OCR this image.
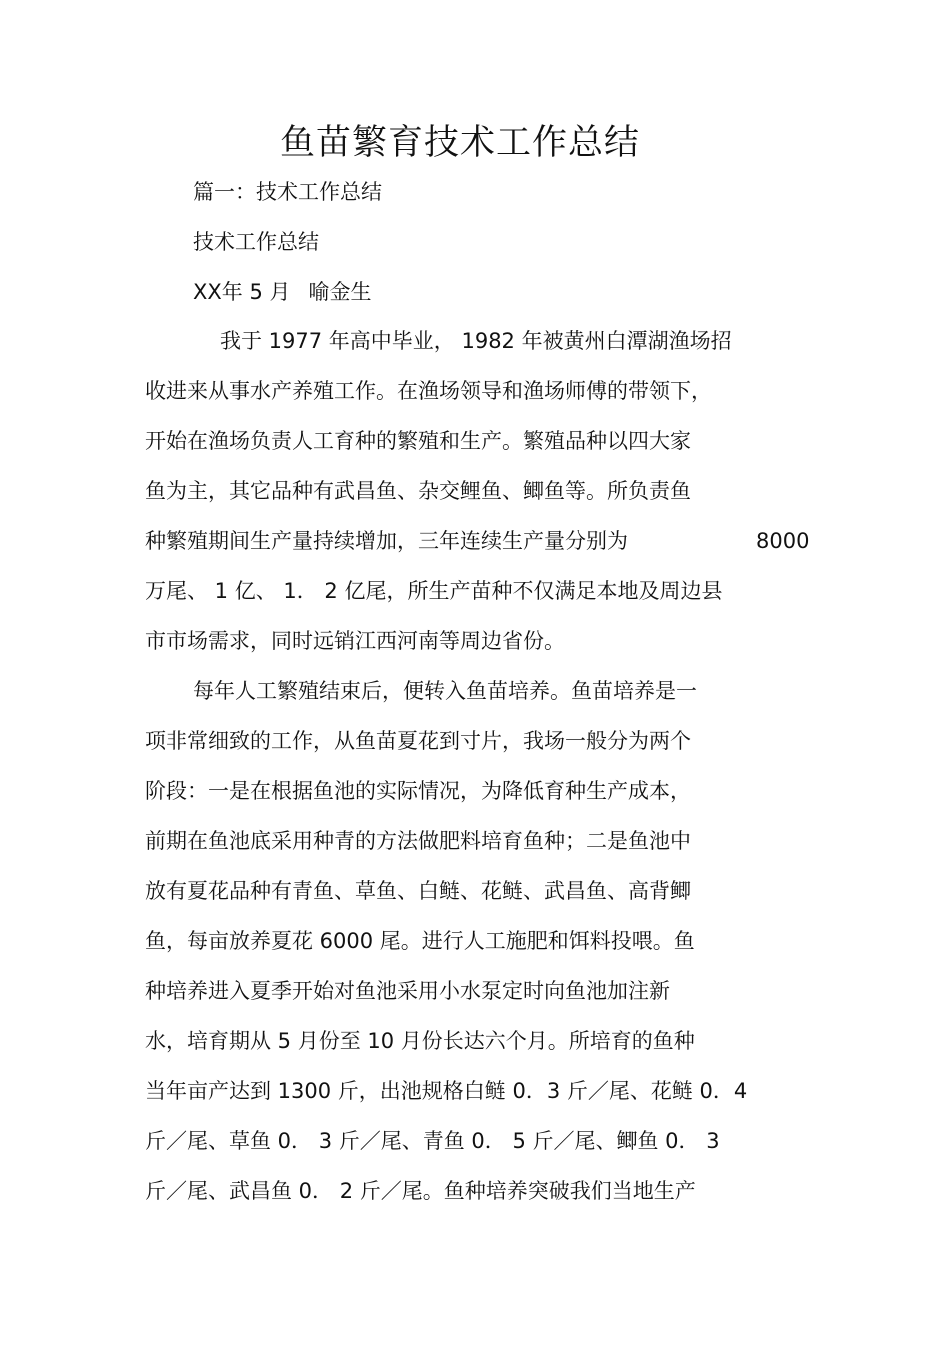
鱼苗繁育技术工作总结
篇一：技术工作总结
技术工作总结
XX年 5 月 喻金生
我于 1977 年高中毕业， 1982 年被黄州白潭湖渔场招
收进来从事水产养殖工作。在渔场领导和渔场师傅的带领下，
开始在渔场负责人工育种的繁殖和生产。繁殖品种以四大家
鱼为主，其它品种有武昌鱼、杂交鲤鱼、鲫鱼等。所负责鱼
种繁殖期间生产量持续增加，三年连续生产量分别为	8000
万尾、 1 亿、 1． 2 亿尾，所生产苗种不仅满足本地及周边县
市市场需求，同时远销江西河南等周边省份。
每年人工繁殖结束后，便转入鱼苗培养。鱼苗培养是一
项非常细致的工作，从鱼苗夏花到寸片，我场一般分为两个
阶段：一是在根据鱼池的实际情况，为降低育种生产成本，
前期在鱼池底采用种青的方法做肥料培育鱼种；二是鱼池中
放有夏花品种有青鱼、草鱼、白鲢、花鲢、武昌鱼、高背鲫
鱼，每亩放养夏花 6000 尾。进行人工施肥和饵料投喂。鱼
种培养进入夏季开始对鱼池采用小水泵定时向鱼池加注新
水，培育期从 5 月份至 10 月份长达六个月。所培育的鱼种
当年亩产达到 1300 斤，出池规格白鲢 0．3 斤／尾、花鲢 0．4
斤／尾、草鱼 0． 3 斤／尾、青鱼 0． 5 斤／尾、鲫鱼 0． 3
斤／尾、武昌鱼 0． 2 斤／尾。鱼种培养突破我们当地生产
